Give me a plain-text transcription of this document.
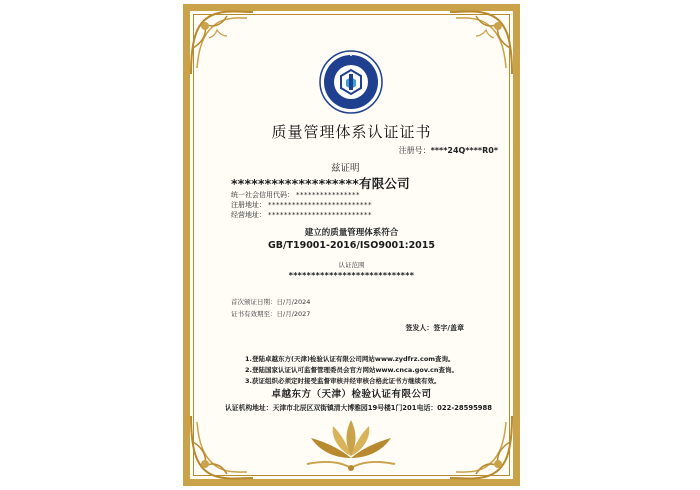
质量管理体系认证证书
注册号：****24Q****R0*
兹证明
*******************有限公司
统一社会信用代码： ****************
注册地址： **************************
经营地址： **************************
建立的质量管理体系符合
GB/T19001-2016/ISO9001:2015
认证范围
****************************
首次颁证日期：日/月/2024
证书有效期至：日/月/2027
签发人：签字/盖章
1.登陆卓越东方(天津)检验认证有限公司网站www.zydfrz.com查询。
2.登陆国家认证认可监督管理委员会官方网站www.cnca.gov.cn查询。
3.获证组织必须定时接受监督审核并经审核合格此证书方继续有效。
卓越东方（天津）检验认证有限公司
认证机构地址：天津市北辰区双街镇清大博雅园19号楼1门201 电话：022-28595988
